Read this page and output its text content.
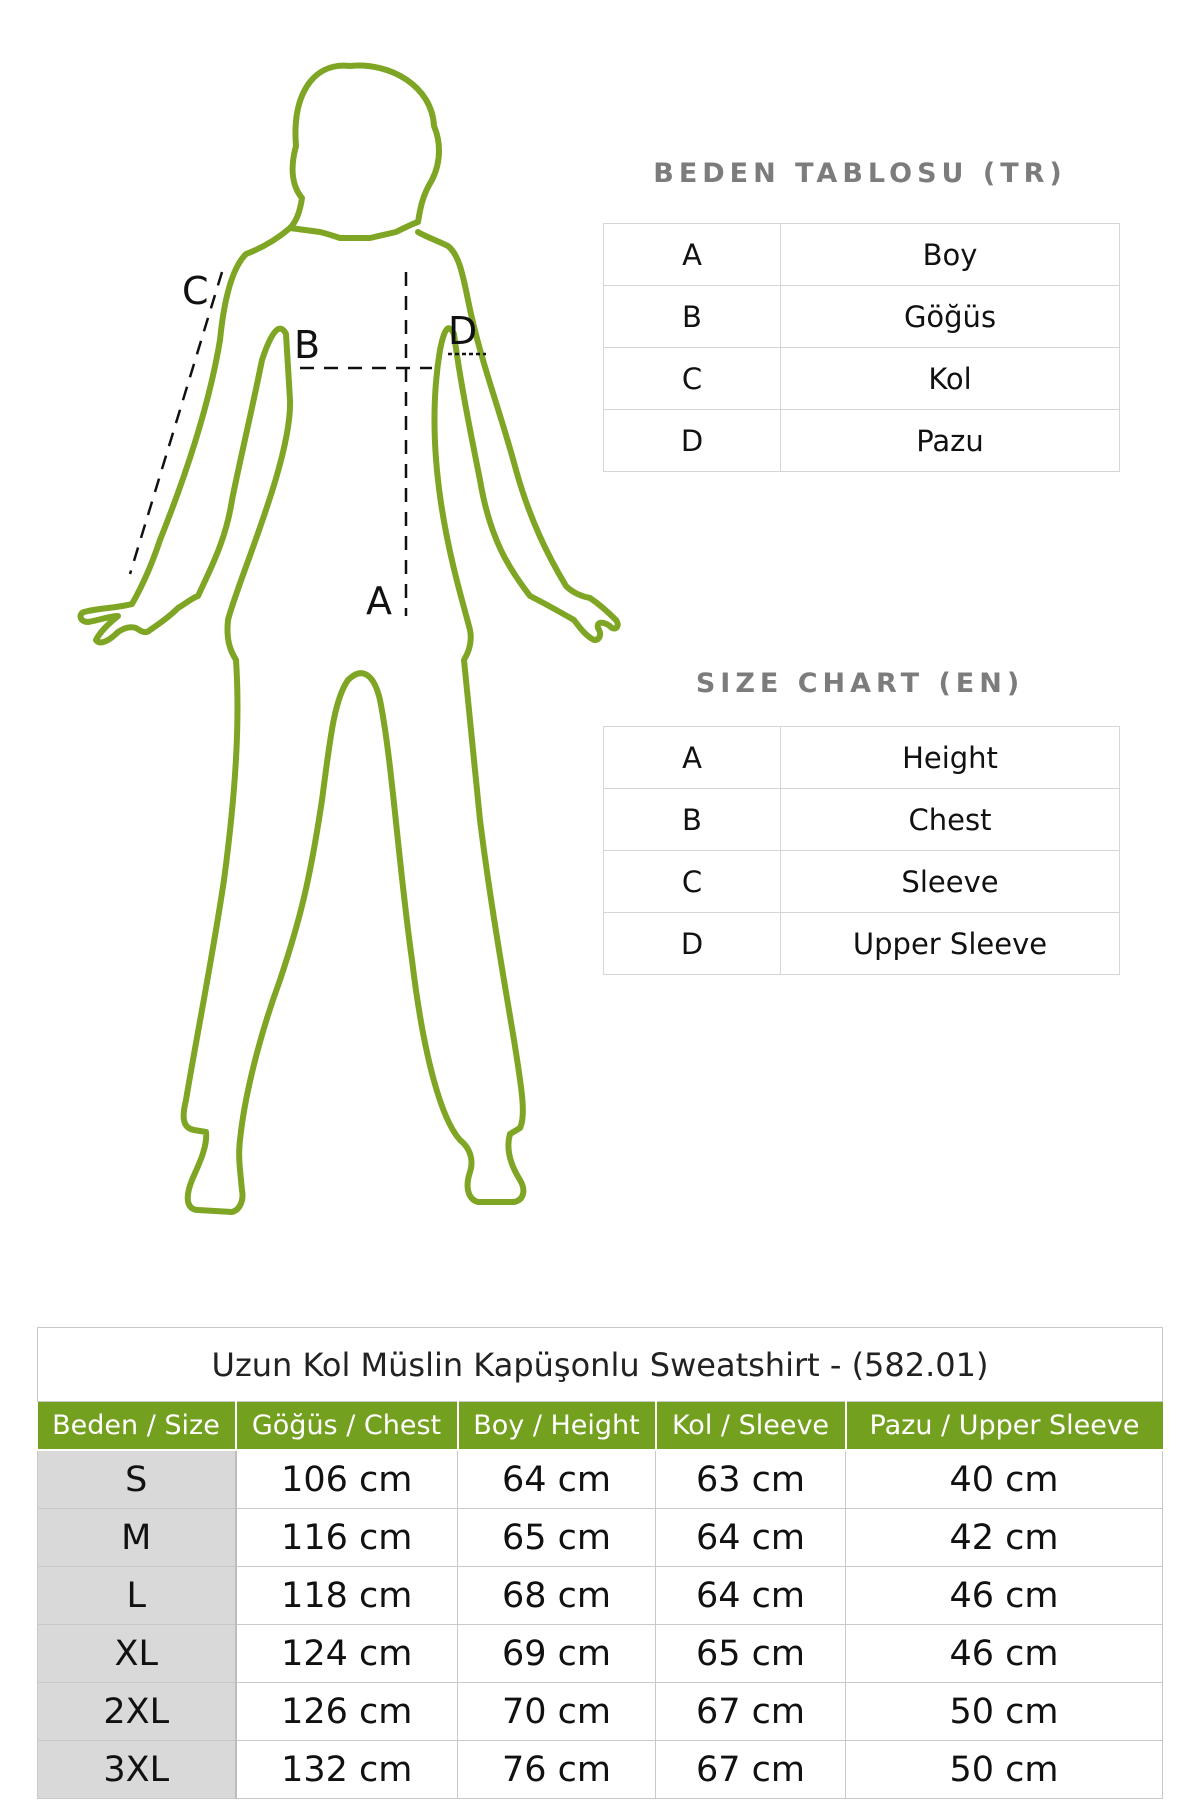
A
B
C
D
BEDEN TABLOSU (TR)
A	Boy
B	Göğüs
C	Kol
D	Pazu
SIZE CHART (EN)
A	Height
B	Chest
C	Sleeve
D	Upper Sleeve
Uzun Kol Müslin Kapüşonlu Sweatshirt - (582.01)				
Beden / Size	Göğüs / Chest	Boy / Height	Kol / Sleeve	Pazu / Upper Sleeve
S	106 cm	64 cm	63 cm	40 cm
M	116 cm	65 cm	64 cm	42 cm
L	118 cm	68 cm	64 cm	46 cm
XL	124 cm	69 cm	65 cm	46 cm
2XL	126 cm	70 cm	67 cm	50 cm
3XL	132 cm	76 cm	67 cm	50 cm
